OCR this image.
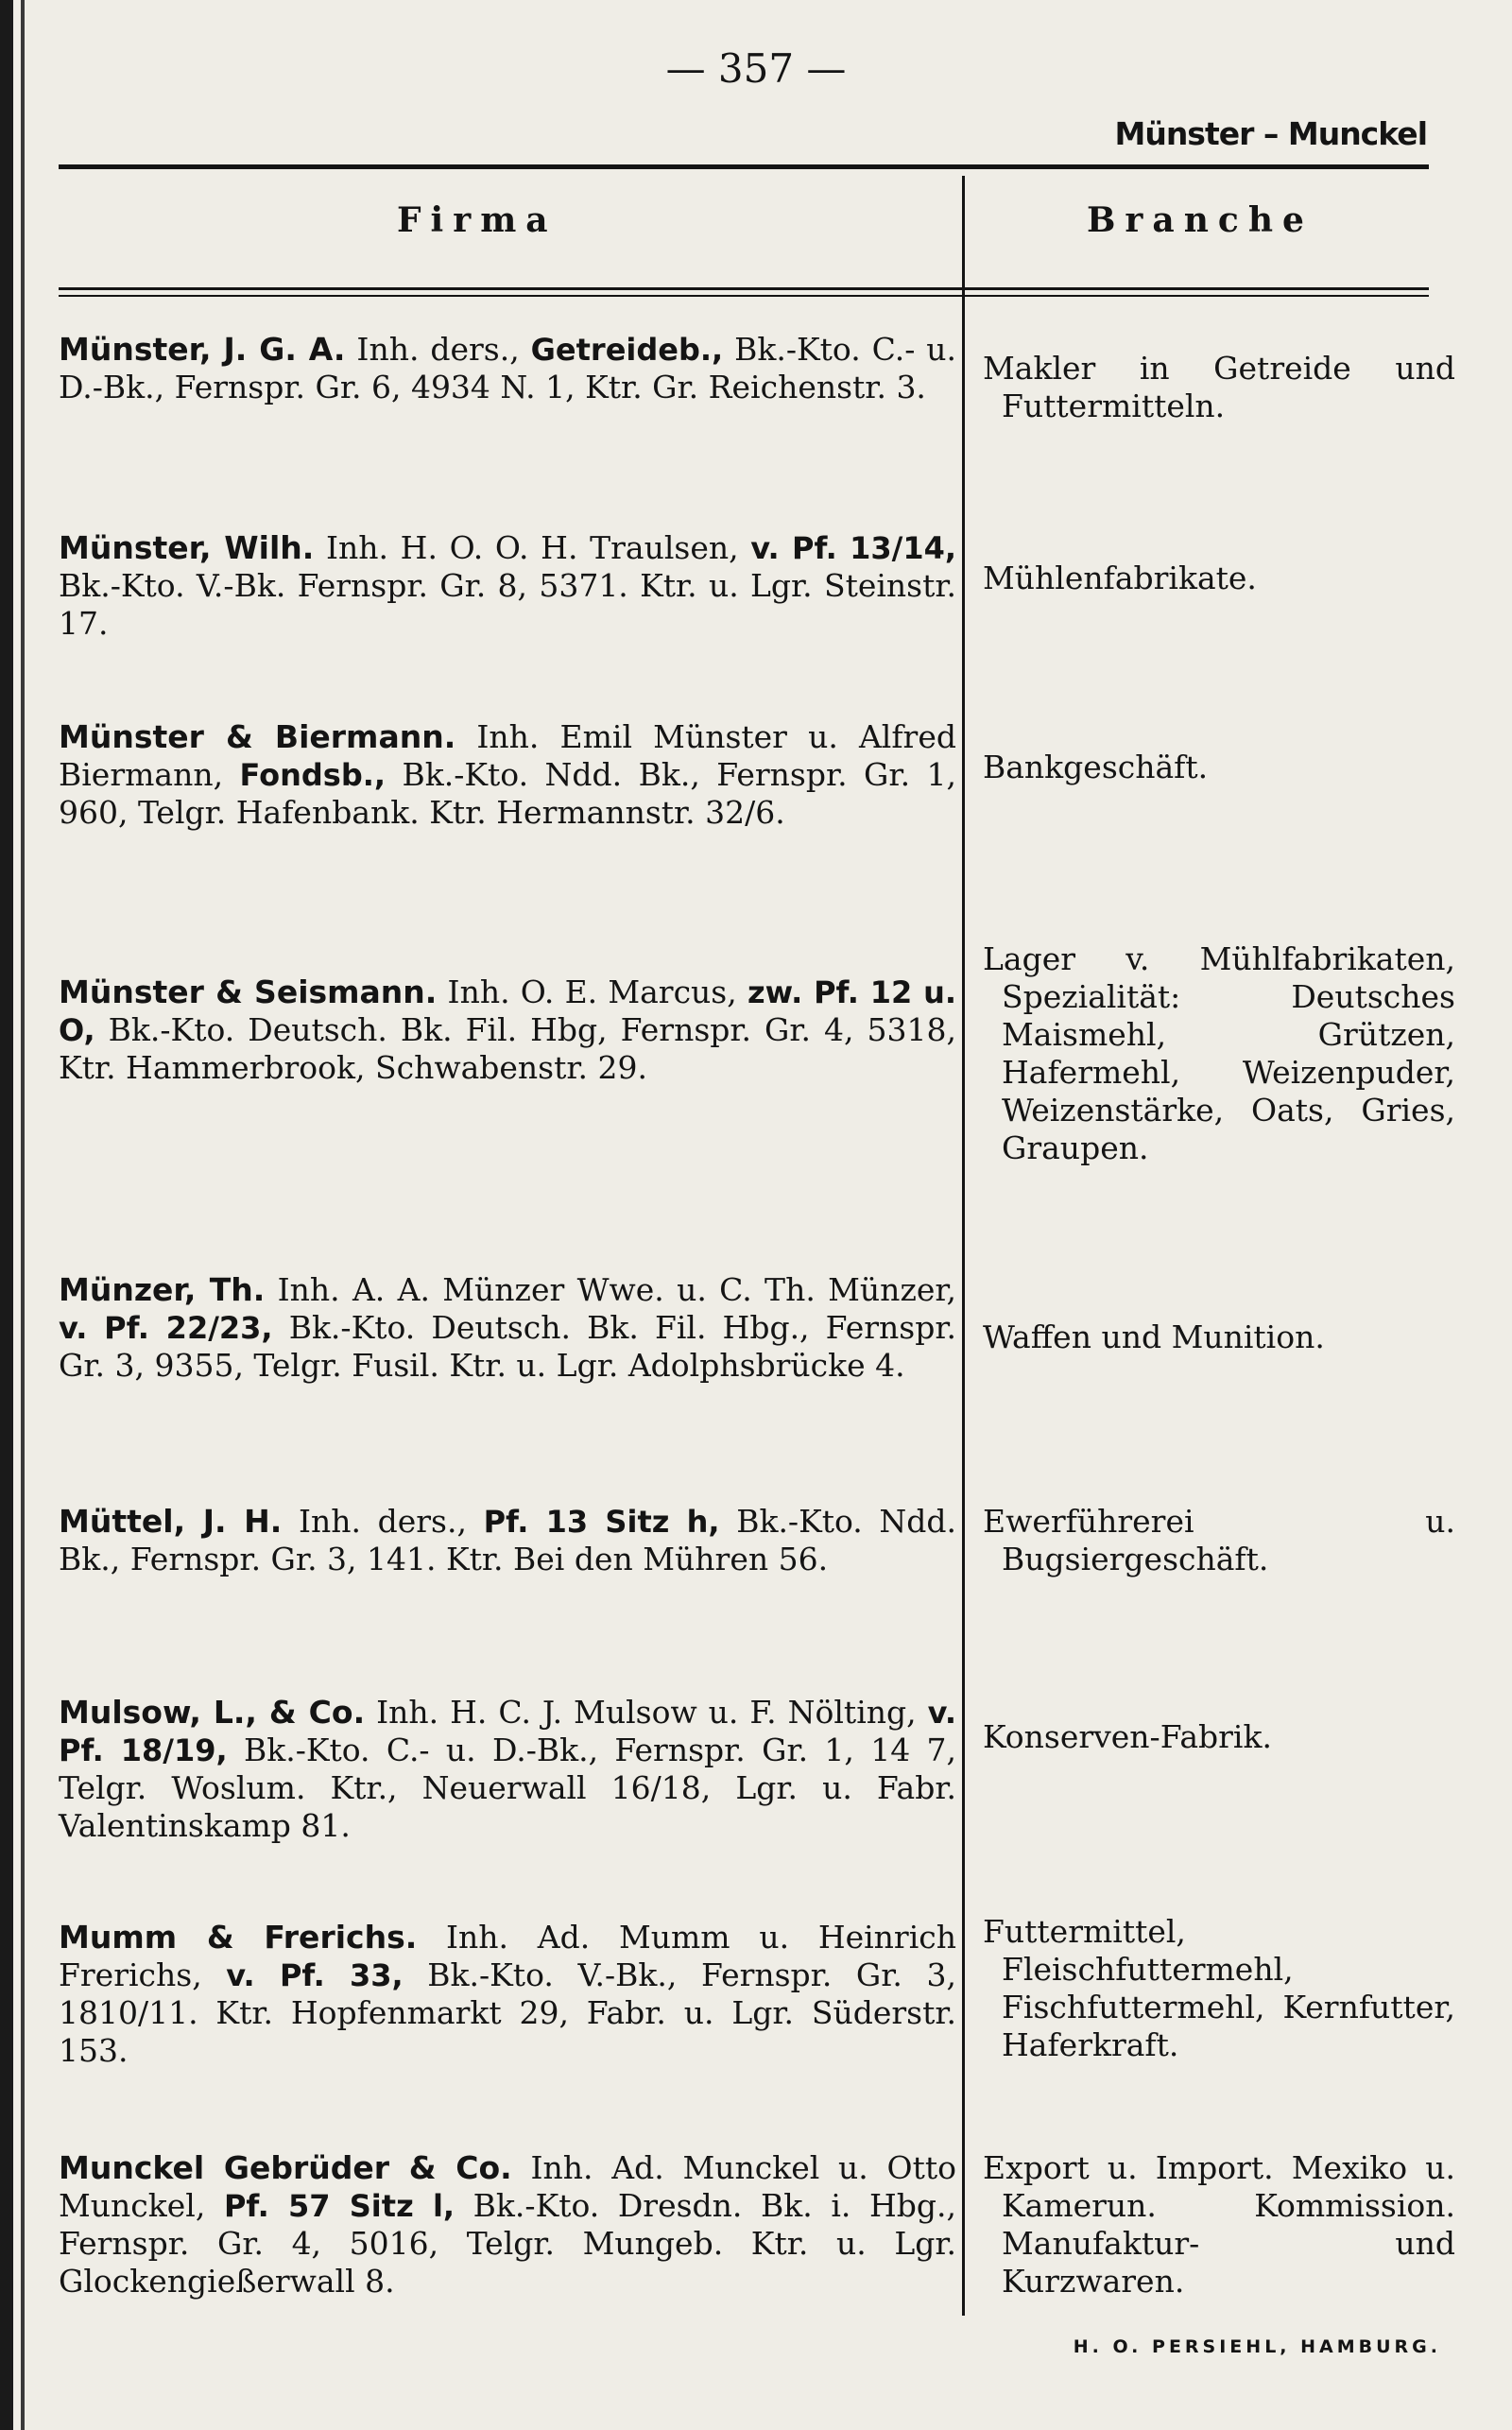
— 357 —
Münster – Munckel
Firma	Branche
Münster, J. G. A. Inh. ders., Getreideb., Bk.-Kto. C.- u. D.-Bk., Fernspr. Gr. 6, 4934 N. 1, Ktr. Gr. Reichenstr. 3.
Makler in Getreide und Futtermitteln.
Münster, Wilh. Inh. H. O. O. H. Traulsen, v. Pf. 13/14, Bk.-Kto. V.-Bk. Fernspr. Gr. 8, 5371. Ktr. u. Lgr. Steinstr. 17.
Mühlenfabrikate.
Münster & Biermann. Inh. Emil Münster u. Alfred Biermann, Fondsb., Bk.-Kto. Ndd. Bk., Fernspr. Gr. 1, 960, Telgr. Hafenbank. Ktr. Hermannstr. 32/6.
Bankgeschäft.
Münster & Seismann. Inh. O. E. Marcus, zw. Pf. 12 u. O, Bk.-Kto. Deutsch. Bk. Fil. Hbg, Fernspr. Gr. 4, 5318, Ktr. Hammerbrook, Schwabenstr. 29.
Lager v. Mühlfabrikaten, Spezialität: Deutsches Maismehl, Grützen, Hafermehl, Weizenpuder, Weizenstärke, Oats, Gries, Graupen.
Münzer, Th. Inh. A. A. Münzer Wwe. u. C. Th. Münzer, v. Pf. 22/23, Bk.-Kto. Deutsch. Bk. Fil. Hbg., Fernspr. Gr. 3, 9355, Telgr. Fusil. Ktr. u. Lgr. Adolphsbrücke 4.
Waffen und Munition.
Müttel, J. H. Inh. ders., Pf. 13 Sitz h, Bk.-Kto. Ndd. Bk., Fernspr. Gr. 3, 141. Ktr. Bei den Mühren 56.
Ewerführerei u. Bugsiergeschäft.
Mulsow, L., & Co. Inh. H. C. J. Mulsow u. F. Nölting, v. Pf. 18/19, Bk.-Kto. C.- u. D.-Bk., Fernspr. Gr. 1, 14 7, Telgr. Woslum. Ktr., Neuerwall 16/18, Lgr. u. Fabr. Valentinskamp 81.
Konserven-Fabrik.
Mumm & Frerichs. Inh. Ad. Mumm u. Heinrich Frerichs, v. Pf. 33, Bk.-Kto. V.-Bk., Fernspr. Gr. 3, 1810/11. Ktr. Hopfenmarkt 29, Fabr. u. Lgr. Süderstr. 153.
Futtermittel, Fleischfuttermehl, Fischfuttermehl, Kernfutter, Haferkraft.
Munckel Gebrüder & Co. Inh. Ad. Munckel u. Otto Munckel, Pf. 57 Sitz l, Bk.-Kto. Dresdn. Bk. i. Hbg., Fernspr. Gr. 4, 5016, Telgr. Mungeb. Ktr. u. Lgr. Glockengießerwall 8.
Export u. Import. Mexiko u. Kamerun. Kommission. Manufaktur- und Kurzwaren.
H. O. PERSIEHL, HAMBURG.
